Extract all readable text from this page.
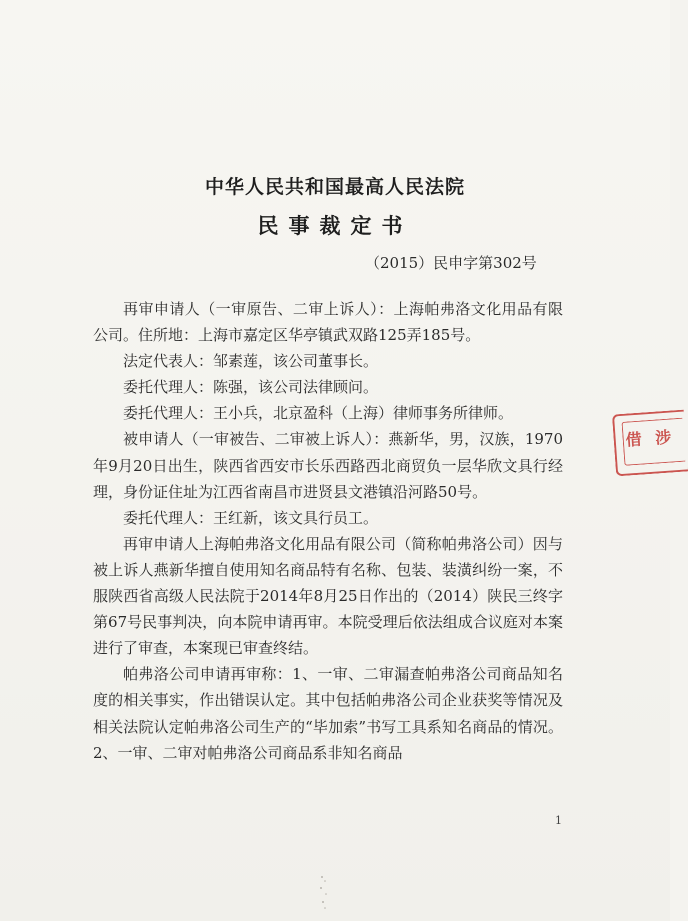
中华人民共和国最高人民法院
民事裁定书
（2015）民申字第302号

再审申请人（一审原告、二审上诉人）：上海帕弗洛文化用品有限公司。住所地：上海市嘉定区华亭镇武双路125弄185号。

法定代表人：邹素莲，该公司董事长。

委托代理人：陈强，该公司法律顾问。

委托代理人：王小兵，北京盈科（上海）律师事务所律师。

被申请人（一审被告、二审被上诉人）：燕新华，男，汉族，1970年9月20日出生，陕西省西安市长乐西路西北商贸负一层华欣文具行经理，身份证住址为江西省南昌市进贤县文港镇沿河路50号。

委托代理人：王红新，该文具行员工。

再审申请人上海帕弗洛文化用品有限公司（简称帕弗洛公司）因与被上诉人燕新华擅自使用知名商品特有名称、包装、装潢纠纷一案，不服陕西省高级人民法院于2014年8月25日作出的（2014）陕民三终字第67号民事判决，向本院申请再审。本院受理后依法组成合议庭对本案进行了审查，本案现已审查终结。

帕弗洛公司申请再审称：1、一审、二审漏查帕弗洛公司商品知名度的相关事实，作出错误认定。其中包括帕弗洛公司企业获奖等情况及相关法院认定帕弗洛公司生产的“毕加索”书写工具系知名商品的情况。2、一审、二审对帕弗洛公司商品系非知名商品

1
借 涉
